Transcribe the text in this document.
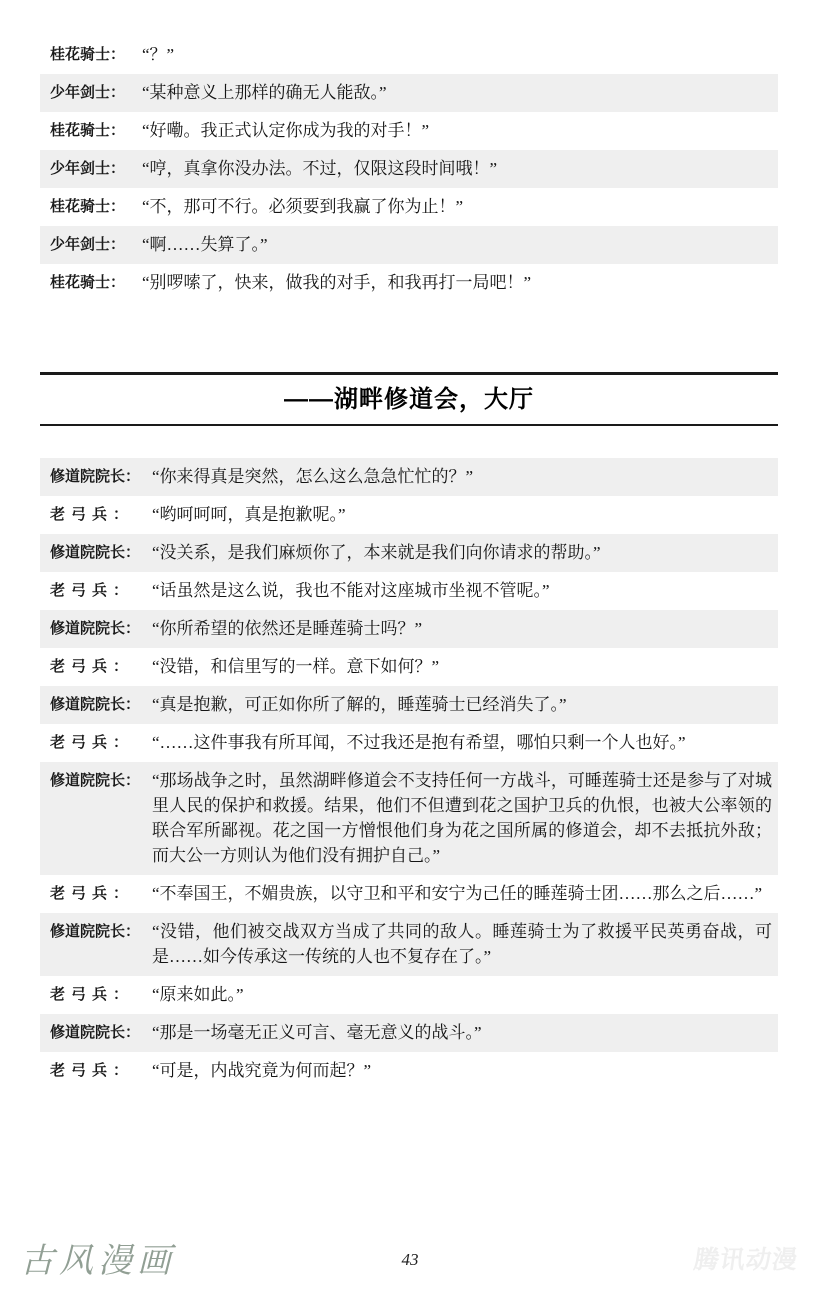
桂花骑士： “？”
少年剑士： “某种意义上那样的确无人能敌。”
桂花骑士： “好嘞。我正式认定你成为我的对手！”
少年剑士： “哼，真拿你没办法。不过，仅限这段时间哦！”
桂花骑士： “不，那可不行。必须要到我赢了你为止！”
少年剑士： “啊……失算了。”
桂花骑士： “别啰嗦了，快来，做我的对手，和我再打一局吧！”
——湖畔修道会，大厅
修道院院长： “你来得真是突然，怎么这么急急忙忙的？”
老弓兵：	“哟呵呵呵，真是抱歉呢。”
修道院院长： “没关系，是我们麻烦你了，本来就是我们向你请求的帮助。”
老弓兵：	“话虽然是这么说，我也不能对这座城市坐视不管呢。”
修道院院长： “你所希望的依然还是睡莲骑士吗？”
老弓兵：	“没错，和信里写的一样。意下如何？”
修道院院长： “真是抱歉，可正如你所了解的，睡莲骑士已经消失了。”
老弓兵：	“……这件事我有所耳闻，不过我还是抱有希望，哪怕只剩一个人也好。”
修道院院长： “那场战争之时，虽然湖畔修道会不支持任何一方战斗，可睡莲骑士还是参与了对城里人民的保护和救援。结果，他们不但遭到花之国护卫兵的仇恨，也被大公率领的联合军所鄙视。花之国一方憎恨他们身为花之国所属的修道会，却不去抵抗外敌；而大公一方则认为他们没有拥护自己。”
老弓兵：	“不奉国王，不媚贵族，以守卫和平和安宁为己任的睡莲骑士团……那么之后……”
修道院院长： “没错，他们被交战双方当成了共同的敌人。睡莲骑士为了救援平民英勇奋战，可是……如今传承这一传统的人也不复存在了。”
老弓兵：	“原来如此。”
修道院院长： “那是一场毫无正义可言、毫无意义的战斗。”
老弓兵：	“可是，内战究竟为何而起？”
古风漫画	43	腾讯动漫
